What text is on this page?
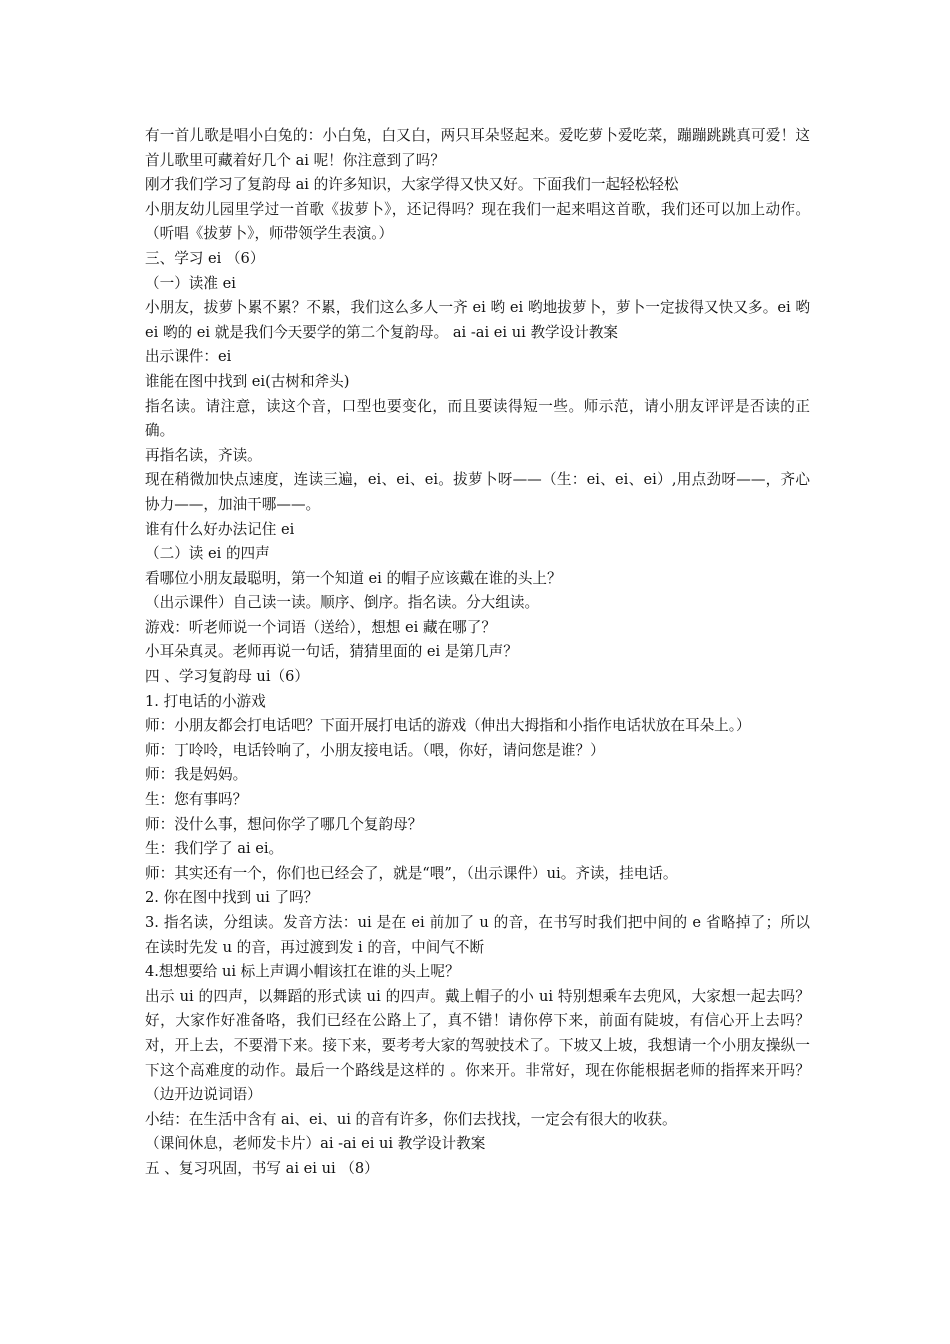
有一首儿歌是唱小白兔的：小白兔，白又白，两只耳朵竖起来。爱吃萝卜爱吃菜，蹦蹦跳跳真可爱！这首儿歌里可藏着好几个 ai 呢！你注意到了吗？

刚才我们学习了复韵母 ai 的许多知识，大家学得又快又好。下面我们一起轻松轻松

小朋友幼儿园里学过一首歌《拔萝卜》，还记得吗？现在我们一起来唱这首歌，我们还可以加上动作。（听唱《拔萝卜》，师带领学生表演。）

三、学习 ei （6）

（一）读准 ei

小朋友，拔萝卜累不累？不累，我们这么多人一齐 ei 哟 ei 哟地拔萝卜，萝卜一定拔得又快又多。ei 哟 ei 哟的 ei 就是我们今天要学的第二个复韵母。 ai -ai ei ui 教学设计教案

出示课件：ei

谁能在图中找到 ei(古树和斧头)

指名读。请注意，读这个音，口型也要变化，而且要读得短一些。师示范，请小朋友评评是否读的正确。

再指名读，齐读。

现在稍微加快点速度，连读三遍，ei、ei、ei。拔萝卜呀——（生：ei、ei、ei）,用点劲呀——，齐心协力——，加油干哪——。

谁有什么好办法记住 ei

（二）读 ei 的四声

看哪位小朋友最聪明，第一个知道 ei 的帽子应该戴在谁的头上？

（出示课件）自己读一读。顺序、倒序。指名读。分大组读。

游戏：听老师说一个词语（送给），想想 ei 藏在哪了？

小耳朵真灵。老师再说一句话，猜猜里面的 ei 是第几声？

四 、学习复韵母 ui（6）

1. 打电话的小游戏

师：小朋友都会打电话吧？下面开展打电话的游戏（伸出大拇指和小指作电话状放在耳朵上。）

师：丁呤呤，电话铃响了，小朋友接电话。（喂，你好，请问您是谁？）

师：我是妈妈。

生：您有事吗？

师：没什么事，想问你学了哪几个复韵母？

生：我们学了 ai ei。

师：其实还有一个，你们也已经会了，就是“喂”，（出示课件）ui。齐读，挂电话。

2. 你在图中找到 ui 了吗？

3. 指名读，分组读。发音方法：ui 是在 ei 前加了 u 的音，在书写时我们把中间的 e 省略掉了；所以在读时先发 u 的音，再过渡到发 i 的音，中间气不断

4.想想要给 ui 标上声调小帽该扛在谁的头上呢？

出示 ui 的四声，以舞蹈的形式读 ui 的四声。戴上帽子的小 ui 特别想乘车去兜风，大家想一起去吗？好，大家作好准备咯，我们已经在公路上了，真不错！请你停下来，前面有陡坡，有信心开上去吗？ 对，开上去，不要滑下来。接下来，要考考大家的驾驶技术了。下坡又上坡，我想请一个小朋友操纵一下这个高难度的动作。最后一个路线是这样的 。你来开。非常好，现在你能根据老师的指挥来开吗？（边开边说词语）

小结：在生活中含有 ai、ei、ui 的音有许多，你们去找找，一定会有很大的收获。

（课间休息，老师发卡片）ai -ai ei ui 教学设计教案

五 、复习巩固，书写 ai ei ui （8）
